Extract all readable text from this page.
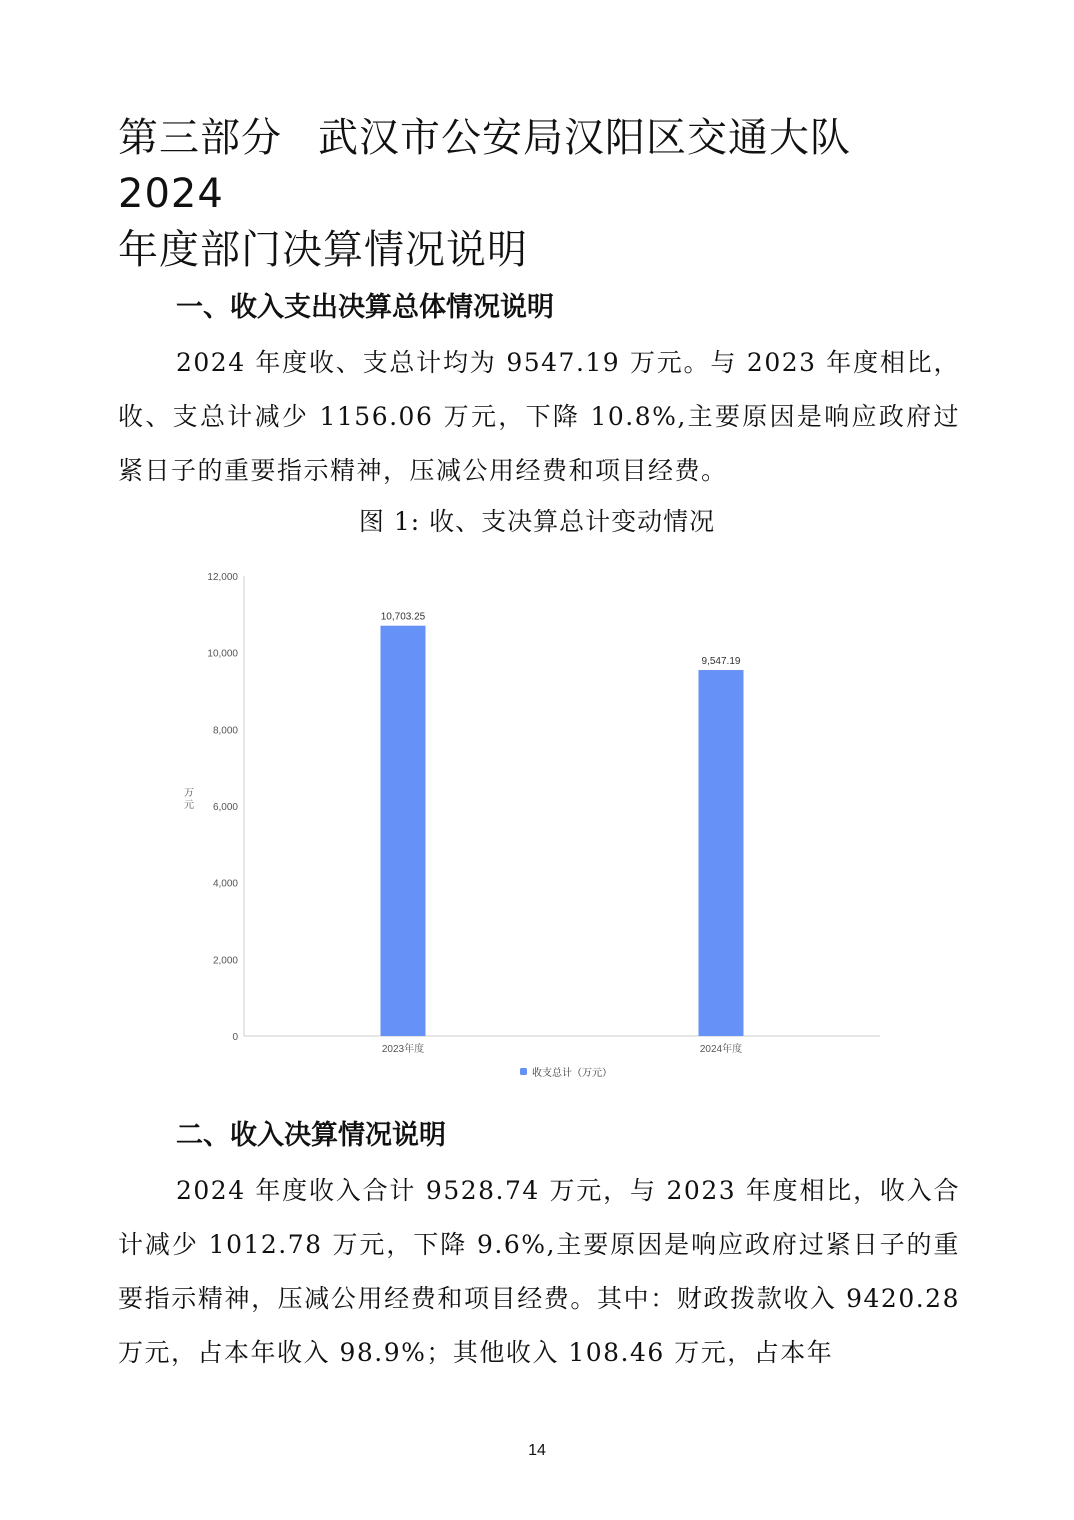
第三部分 武汉市公安局汉阳区交通大队 2024
年度部门决算情况说明
一、收入支出决算总体情况说明

2024 年度收、支总计均为 9547.19 万元。与 2023 年度相比，收、支总计减少 1156.06 万元，下降 10.8%,主要原因是响应政府过紧日子的重要指示精神，压减公用经费和项目经费。

图 1: 收、支决算总计变动情况
0
2,000
4,000
6,000
8,000
10,000
12,000
万元
10,703.25
2023年度
9,547.19
2024年度
收支总计（万元）
二、收入决算情况说明

2024 年度收入合计 9528.74 万元，与 2023 年度相比，收入合计减少 1012.78 万元，下降 9.6%,主要原因是响应政府过紧日子的重要指示精神，压减公用经费和项目经费。其中：财政拨款收入 9420.28 万元，占本年收入 98.9%；其他收入 108.46 万元，占本年

14
